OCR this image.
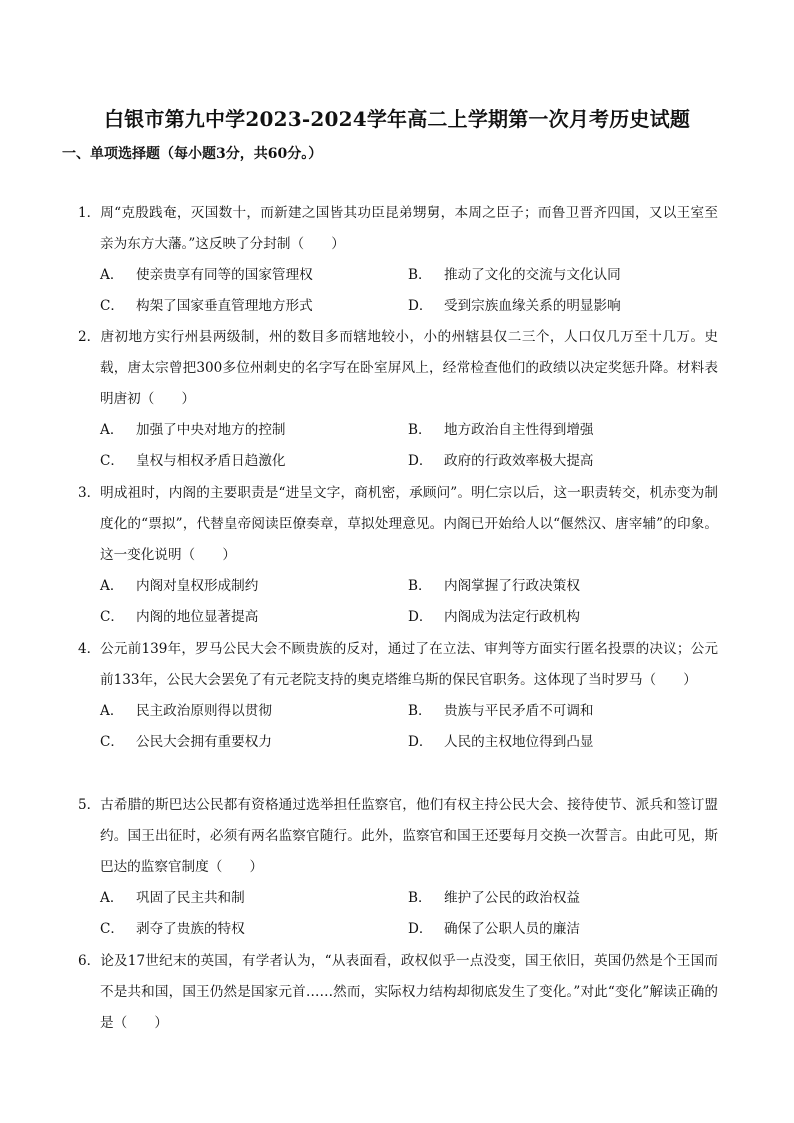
白银市第九中学2023-2024学年高二上学期第一次月考历史试题
一、单项选择题（每小题3分，共60分。）

1．周“克殷践奄，灭国数十，而新建之国皆其功臣昆弟甥舅，本周之臣子；而鲁卫晋齐四国，又以王室至亲为东方大藩。”这反映了分封制（　　）

A． 使亲贵享有同等的国家管理权	B． 推动了文化的交流与文化认同
C． 构架了国家垂直管理地方形式	D． 受到宗族血缘关系的明显影响

2．唐初地方实行州县两级制，州的数目多而辖地较小，小的州辖县仅二三个，人口仅几万至十几万。史载，唐太宗曾把300多位州刺史的名字写在卧室屏风上，经常检查他们的政绩以决定奖惩升降。材料表明唐初（　　）

A． 加强了中央对地方的控制	B． 地方政治自主性得到增强
C． 皇权与相权矛盾日趋激化	D． 政府的行政效率极大提高

3．明成祖时，内阁的主要职责是“进呈文字，商机密，承顾问”。明仁宗以后，这一职责转交，机赤变为制度化的“票拟”，代替皇帝阅读臣僚奏章，草拟处理意见。内阁已开始给人以“偃然汉、唐宰辅”的印象。这一变化说明（　　）

A． 内阁对皇权形成制约	B． 内阁掌握了行政决策权
C． 内阁的地位显著提高	D． 内阁成为法定行政机构

4．公元前139年，罗马公民大会不顾贵族的反对，通过了在立法、审判等方面实行匿名投票的决议；公元前133年，公民大会罢免了有元老院支持的奥克塔维乌斯的保民官职务。这体现了当时罗马（　　）

A． 民主政治原则得以贯彻	B． 贵族与平民矛盾不可调和
C． 公民大会拥有重要权力	D． 人民的主权地位得到凸显

5．古希腊的斯巴达公民都有资格通过选举担任监察官，他们有权主持公民大会、接待使节、派兵和签订盟约。国王出征时，必须有两名监察官随行。此外，监察官和国王还要每月交换一次誓言。由此可见，斯巴达的监察官制度（　　）

A． 巩固了民主共和制	B． 维护了公民的政治权益
C． 剥夺了贵族的特权	D． 确保了公职人员的廉洁

6．论及17世纪末的英国，有学者认为，“从表面看，政权似乎一点没变，国王依旧，英国仍然是个王国而不是共和国，国王仍然是国家元首……然而，实际权力结构却彻底发生了变化。”对此“变化”解读正确的是（　　）
